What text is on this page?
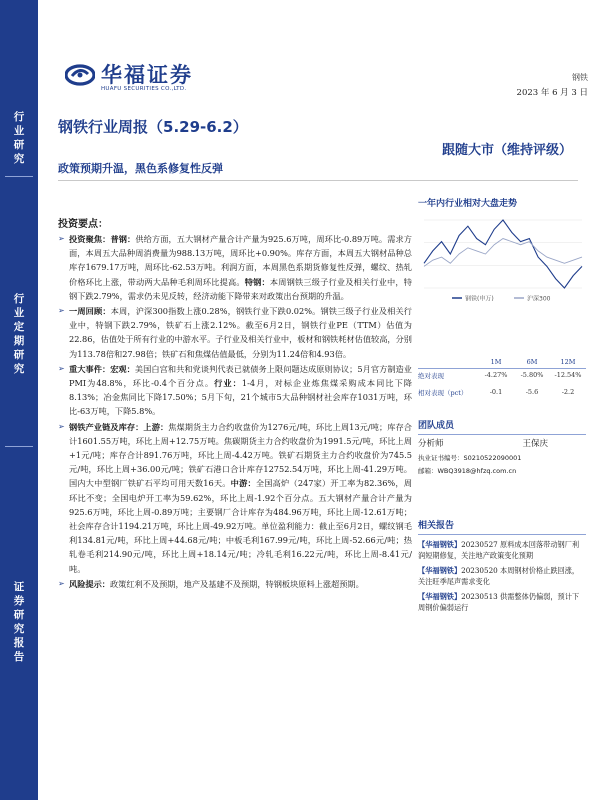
行
业
研
究
行
业
定
期
研
究
证
券
研
究
报
告
华福证券
HUAFU SECURITIES CO.,LTD.
钢铁
2023 年 6 月 3 日
钢铁行业周报（5.29-6.2）
跟随大市（维持评级）
政策预期升温，黑色系修复性反弹
投资要点：
➢ 投资聚焦：普钢：供给方面，五大钢材产量合计产量为925.6万吨，周环比-0.89万吨。需求方面，本周五大品种周消费量为988.13万吨，周环比+0.90%。库存方面，本周五大钢材品种总库存1679.17万吨，周环比-62.53万吨。利润方面，本周黑色系期货修复性反弹，螺纹、热轧价格环比上涨，带动两大品种毛利周环比提高。特钢：本周钢铁三级子行业及相关行业中，特钢下跌2.79%，需求仍未见反转，经济动能下降带来对政策出台预期的升温。
➢ 一周回顾：本周，沪深300指数上涨0.28%，钢铁行业下跌0.02%。钢铁三级子行业及相关行业中，特钢下跌2.79%，铁矿石上涨2.12%。截至6月2日，钢铁行业PE（TTM）估值为22.86，估值处于所有行业的中游水平。子行业及相关行业中，板材和钢铁耗材估值较高，分别为113.78倍和27.98倍；铁矿石和焦煤估值最低，分别为11.24倍和4.93倍。
➢ 重大事件：宏观：美国白宫和共和党谈判代表已就债务上限问题达成原则协议；5月官方制造业PMI为48.8%，环比-0.4个百分点。行业：1-4月，对标企业炼焦煤采购成本同比下降8.13%；冶金焦同比下降17.50%；5月下旬，21个城市5大品种钢材社会库存1031万吨，环比-63万吨，下降5.8%。
➢ 钢铁产业链及库存：上游：焦煤期货主力合约收盘价为1276元/吨，环比上周13元/吨；库存合计1601.55万吨，环比上周+12.75万吨。焦碳期货主力合约收盘价为1991.5元/吨，环比上周+1元/吨；库存合计891.76万吨，环比上周-4.42万吨。铁矿石期货主力合约收盘价为745.5元/吨，环比上周+36.00元/吨；铁矿石港口合计库存12752.54万吨，环比上周-41.29万吨。国内大中型钢厂铁矿石平均可用天数16天。中游：全国高炉（247家）开工率为82.36%，周环比不变；全国电炉开工率为59.62%，环比上周-1.92个百分点。五大钢材产量合计产量为925.6万吨，环比上周-0.89万吨；主要钢厂合计库存为484.96万吨，环比上周-12.61万吨；社会库存合计1194.21万吨，环比上周-49.92万吨。单位盈利能力：截止至6月2日，螺纹钢毛利134.81元/吨，环比上周+44.68元/吨；中板毛利167.99元/吨，环比上周-52.66元/吨；热轧卷毛利214.90元/吨，环比上周+18.14元/吨；冷轧毛利16.22元/吨，环比上周-8.41元/吨。
➢ 风险提示：政策红利不及预期，地产及基建不及预期，特钢板块原料上涨超预期。
一年内行业相对大盘走势
钢铁(申万)	沪深300
1M	6M	12M
绝对表现	-4.27%	-5.80%	-12.54%
相对表现（pct）	-0.1	-5.6	-2.2
团队成员
分析师	王保庆
执业证书编号：S0210522090001
邮箱：WBQ3918@hfzq.com.cn
相关报告
【华福钢铁】20230527 原料成本回落带动钢厂利润短期修复，关注地产政策变化预期
【华福钢铁】20230520 本周钢材价格止跌回涨，关注旺季尾声需求变化
【华福钢铁】20230513 供需整体仍偏弱，预计下周钢价偏弱运行
